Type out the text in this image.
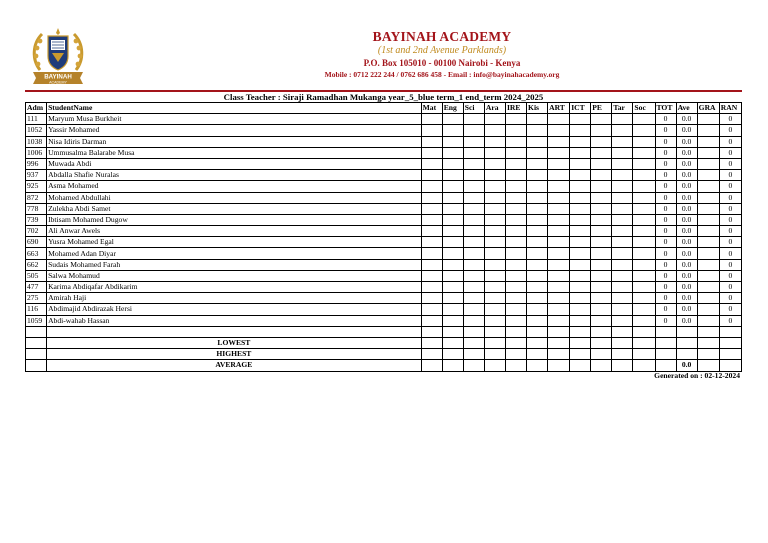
BAYINAH
ACADEMY
BAYINAH ACADEMY
(1st and 2nd Avenue Parklands)
P.O. Box 105010 - 00100 Nairobi - Kenya
Mobile : 0712 222 244 / 0762 686 458 - Email : info@bayinahacademy.org
Class Teacher : Siraji Ramadhan Mukanga year_5_blue term_1 end_term 2024_2025
Adm	StudentName	Mat	Eng	Sci	Ara	IRE	Kis	ART	ICT	PE	Tar	Soc	TOT	Ave	GRA	RAN
111	Maryum Musa Burkheit												0	0.0		0
1052	Yassir Mohamed												0	0.0		0
1038	Nisa Idiris Darman												0	0.0		0
1006	Ummusalma Balarabe Musa												0	0.0		0
996	Muwada Abdi												0	0.0		0
937	Abdalla Shafie Nuralas												0	0.0		0
925	Asma Mohamed												0	0.0		0
872	Mohamed Abdullahi												0	0.0		0
778	Zulekha Abdi Samet												0	0.0		0
739	Ibtisam Mohamed Dugow												0	0.0		0
702	Ali Anwar Awels												0	0.0		0
690	Yusra Mohamed Egal												0	0.0		0
663	Mohamed Adan Diyar												0	0.0		0
662	Sudais Mohamed Farah												0	0.0		0
505	Salwa Mohamud												0	0.0		0
477	Karima Abdiqafar Abdikarim												0	0.0		0
275	Amirah Haji												0	0.0		0
116	Abdimajid Abdirazak Hersi												0	0.0		0
1059	Abdi-wahab Hassan												0	0.0		0

	LOWEST															
	HIGHEST															
	AVERAGE													0.0		
Generated on : 02-12-2024
